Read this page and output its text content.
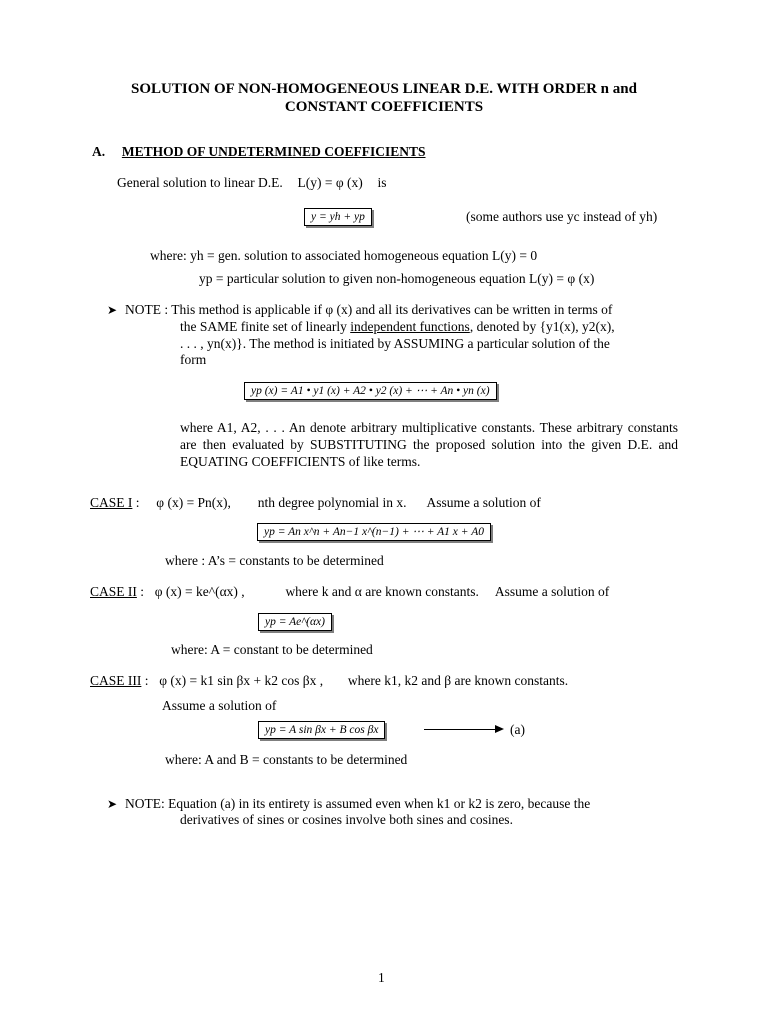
SOLUTION OF NON-HOMOGENEOUS LINEAR D.E. WITH ORDER n and
CONSTANT COEFFICIENTS
A. METHOD OF UNDETERMINED COEFFICIENTS
General solution to linear D.E. L(y) = φ (x) is
y = yh + yp	(some authors use yc instead of yh)
where: yh = gen. solution to associated homogeneous equation L(y) = 0
yp = particular solution to given non-homogeneous equation L(y) = φ (x)
➤ NOTE : This method is applicable if φ (x) and all its derivatives can be written in terms of
the SAME finite set of linearly independent functions, denoted by {y1(x), y2(x),
. . . , yn(x)}. The method is initiated by ASSUMING a particular solution of the
form
yp (x) = A1 • y1 (x) + A2 • y2 (x) + ⋯ + An • yn (x)
where A1, A2, . . . An denote arbitrary multiplicative constants. These arbitrary constants are then evaluated by SUBSTITUTING the proposed solution into the given D.E. and EQUATING COEFFICIENTS of like terms.
CASE I : φ (x) = Pn(x), nth degree polynomial in x. Assume a solution of
yp = An x^n + An−1 x^(n−1) + ⋯ + A1 x + A0
where : A’s = constants to be determined
CASE II : φ (x) = ke^(αx) ,	where k and α are known constants. Assume a solution of
yp = Ae^(αx)
where: A = constant to be determined
CASE III : φ (x) = k1 sin βx + k2 cos βx , where k1, k2 and β are known constants.
Assume a solution of
yp = A sin βx + B cos βx	(a)
where: A and B = constants to be determined
➤ NOTE: Equation (a) in its entirety is assumed even when k1 or k2 is zero, because the
derivatives of sines or cosines involve both sines and cosines.
1
